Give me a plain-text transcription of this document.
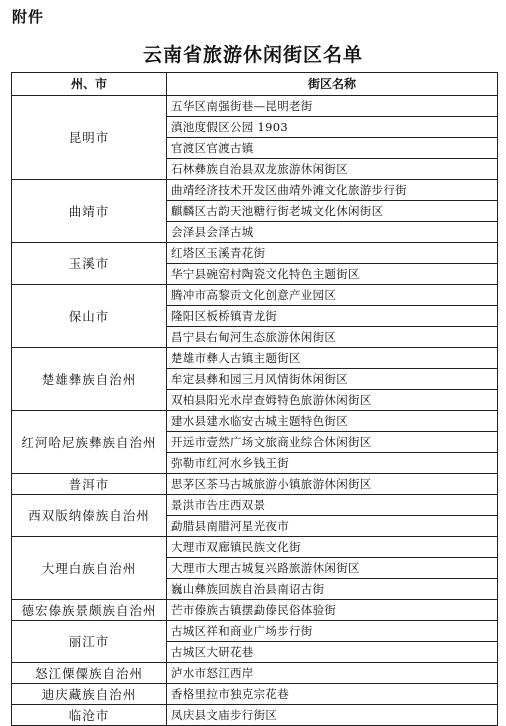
附件
云南省旅游休闲街区名单
州、市	街区名称
昆明市	五华区南强街巷—昆明老街
	滇池度假区公园 1903
	官渡区官渡古镇
	石林彝族自治县双龙旅游休闲街区
曲靖市	曲靖经济技术开发区曲靖外滩文化旅游步行街
	麒麟区古韵天池糖行街老城文化休闲街区
	会泽县会泽古城
玉溪市	红塔区玉溪青花街
	华宁县碗窑村陶瓷文化特色主题街区
保山市	腾冲市高黎贡文化创意产业园区
	隆阳区板桥镇青龙街
	昌宁县右甸河生态旅游休闲街区
楚雄彝族自治州	楚雄市彝人古镇主题街区
	牟定县彝和园三月风情街休闲街区
	双柏县阳光水岸查姆特色旅游休闲街区
红河哈尼族彝族自治州	建水县建水临安古城主题特色街区
	开远市壹然广场文旅商业综合休闲街区
	弥勒市红河水乡钱王街
普洱市	思茅区茶马古城旅游小镇旅游休闲街区
西双版纳傣族自治州	景洪市告庄西双景
	勐腊县南腊河星光夜市
大理白族自治州	大理市双廊镇民族文化街
	大理市大理古城复兴路旅游休闲街区
	巍山彝族回族自治县南诏古街
德宏傣族景颇族自治州	芒市傣族古镇摆勐傣民俗体验街
丽江市	古城区祥和商业广场步行街
	古城区大研花巷
怒江傈僳族自治州	泸水市怒江西岸
迪庆藏族自治州	香格里拉市独克宗花巷
临沧市	凤庆县文庙步行街区
